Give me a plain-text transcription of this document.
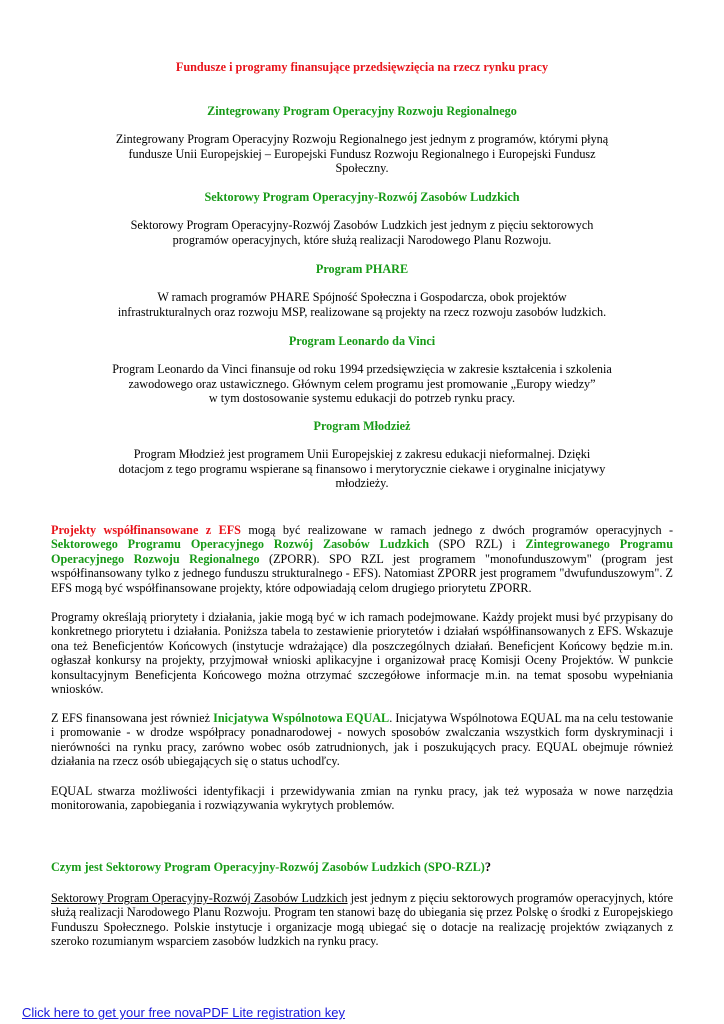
Fundusze i programy finansujące przedsięwzięcia na rzecz rynku pracy
Zintegrowany Program Operacyjny Rozwoju Regionalnego

Zintegrowany Program Operacyjny Rozwoju Regionalnego jest jednym z programów, którymi płyną

fundusze Unii Europejskiej – Europejski Fundusz Rozwoju Regionalnego i Europejski Fundusz

Społeczny.

Sektorowy Program Operacyjny-Rozwój Zasobów Ludzkich

Sektorowy Program Operacyjny-Rozwój Zasobów Ludzkich jest jednym z pięciu sektorowych

programów operacyjnych, które służą realizacji Narodowego Planu Rozwoju.

Program PHARE

W ramach programów PHARE Spójność Społeczna i Gospodarcza, obok projektów

infrastrukturalnych oraz rozwoju MSP, realizowane są projekty na rzecz rozwoju zasobów ludzkich.

Program Leonardo da Vinci

Program Leonardo da Vinci finansuje od roku 1994 przedsięwzięcia w zakresie kształcenia i szkolenia

zawodowego oraz ustawicznego. Głównym celem programu jest promowanie „Europy wiedzy”

w tym dostosowanie systemu edukacji do potrzeb rynku pracy.

Program Młodzież

Program Młodzież jest programem Unii Europejskiej z zakresu edukacji nieformalnej. Dzięki

dotacjom z tego programu wspierane są finansowo i merytorycznie ciekawe i oryginalne inicjatywy

młodzieży.

Projekty współfinansowane z EFS mogą być realizowane w ramach jednego z dwóch programów operacyjnych - Sektorowego Programu Operacyjnego Rozwój Zasobów Ludzkich (SPO RZL) i Zintegrowanego Programu Operacyjnego Rozwoju Regionalnego (ZPORR). SPO RZL jest programem "monofunduszowym" (program jest współfinansowany tylko z jednego funduszu strukturalnego - EFS). Natomiast ZPORR jest programem "dwufunduszowym". Z EFS mogą być współfinansowane projekty, które odpowiadają celom drugiego priorytetu ZPORR.

Programy określają priorytety i działania, jakie mogą być w ich ramach podejmowane. Każdy projekt musi być przypisany do konkretnego priorytetu i działania. Poniższa tabela to zestawienie priorytetów i działań współfinansowanych z EFS. Wskazuje ona też Beneficjentów Końcowych (instytucje wdrażające) dla poszczególnych działań. Beneficjent Końcowy będzie m.in. ogłaszał konkursy na projekty, przyjmował wnioski aplikacyjne i organizował pracę Komisji Oceny Projektów. W punkcie konsultacyjnym Beneficjenta Końcowego można otrzymać szczegółowe informacje m.in. na temat sposobu wypełniania wniosków.

Z EFS finansowana jest również Inicjatywa Wspólnotowa EQUAL. Inicjatywa Wspólnotowa EQUAL ma na celu testowanie i promowanie - w drodze współpracy ponadnarodowej - nowych sposobów zwalczania wszystkich form dyskryminacji i nierówności na rynku pracy, zarówno wobec osób zatrudnionych, jak i poszukujących pracy. EQUAL obejmuje również działania na rzecz osób ubiegających się o status uchodľcy.

EQUAL stwarza możliwości identyfikacji i przewidywania zmian na rynku pracy, jak też wyposaża w nowe narzędzia monitorowania, zapobiegania i rozwiązywania wykrytych problemów.

Czym jest Sektorowy Program Operacyjny-Rozwój Zasobów Ludzkich (SPO-RZL)?

Sektorowy Program Operacyjny-Rozwój Zasobów Ludzkich jest jednym z pięciu sektorowych programów operacyjnych, które służą realizacji Narodowego Planu Rozwoju. Program ten stanowi bazę do ubiegania się przez Polskę o środki z Europejskiego Funduszu Społecznego. Polskie instytucje i organizacje mogą ubiegać się o dotacje na realizację projektów związanych z szeroko rozumianym wsparciem zasobów ludzkich na rynku pracy.

Click here to get your free novaPDF Lite registration key
